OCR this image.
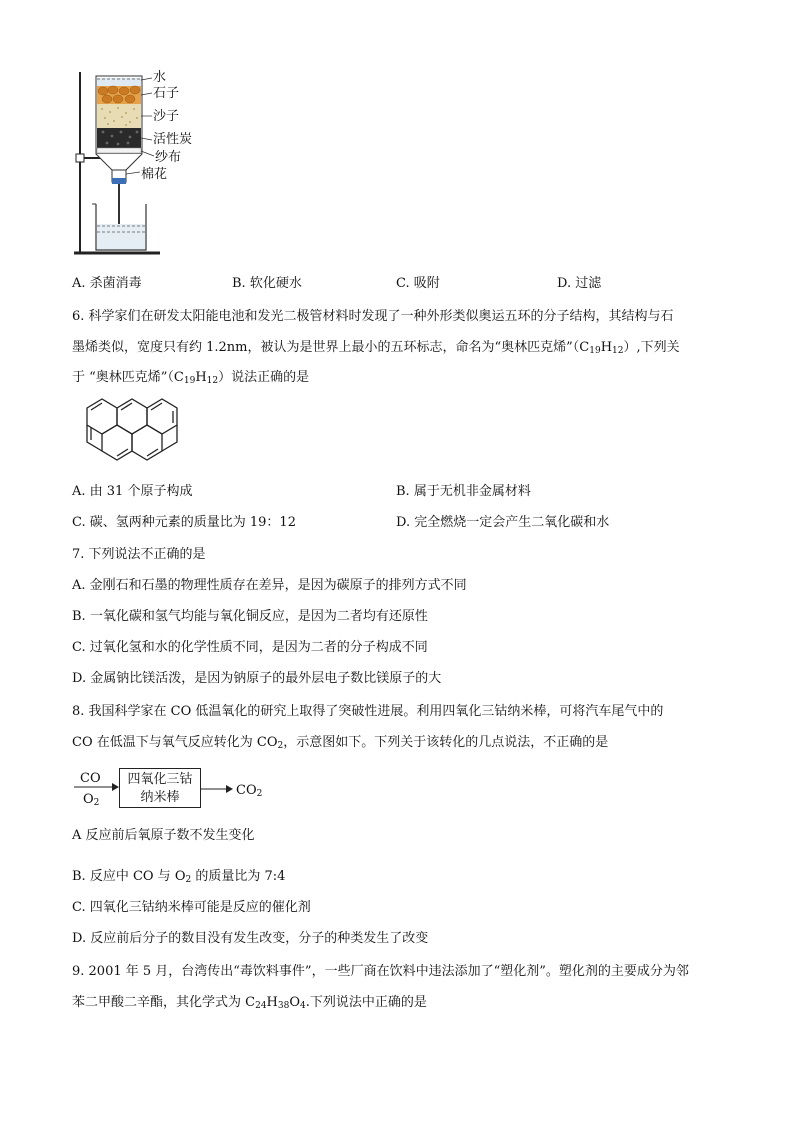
水
石子
沙子
活性炭
纱布
棉花
A. 杀菌消毒	B. 软化硬水	C. 吸附	D. 过滤
6. 科学家们在研发太阳能电池和发光二极管材料时发现了一种外形类似奥运五环的分子结构，其结构与石
墨烯类似，宽度只有约 1.2nm，被认为是世界上最小的五环标志，命名为“奥林匹克烯$”(C_{19}H_{12})$,下列关
于 “奥林匹克烯$”(C_{19}H_{12})$说法正确的是
A. 由 31 个原子构成	B. 属于无机非金属材料
C. 碳、氢两种元素的质量比为 19：12	D. 完全燃烧一定会产生二氧化碳和水
7. 下列说法不正确的是
A. 金刚石和石墨的物理性质存在差异，是因为碳原子的排列方式不同
B. 一氧化碳和氢气均能与氧化铜反应，是因为二者均有还原性
C. 过氧化氢和水的化学性质不同，是因为二者的分子构成不同
D. 金属钠比镁活泼，是因为钠原子的最外层电子数比镁原子的大
8. 我国科学家在 CO 低温氧化的研究上取得了突破性进展。利用四氧化三钴纳米棒，可将汽车尾气中的
CO 在低温下与氧气反应转化为 $CO_2$，示意图如下。下列关于该转化的几点说法，不正确的是
CO
$O_2$
四氧化三钴
纳米棒	$CO_2$
A 反应前后氧原子数不发生变化
B. 反应中 CO 与 $O_2$ 的质量比为 7:4
C. 四氧化三钴纳米棒可能是反应的催化剂
D. 反应前后分子的数目没有发生改变，分子的种类发生了改变
9. 2001 年 5 月，台湾传出“毒饮料事件”，一些厂商在饮料中违法添加了“塑化剂”。塑化剂的主要成分为邻
苯二甲酸二辛酯，其化学式为 $C_{24}H_{38}O_4$.下列说法中正确的是
